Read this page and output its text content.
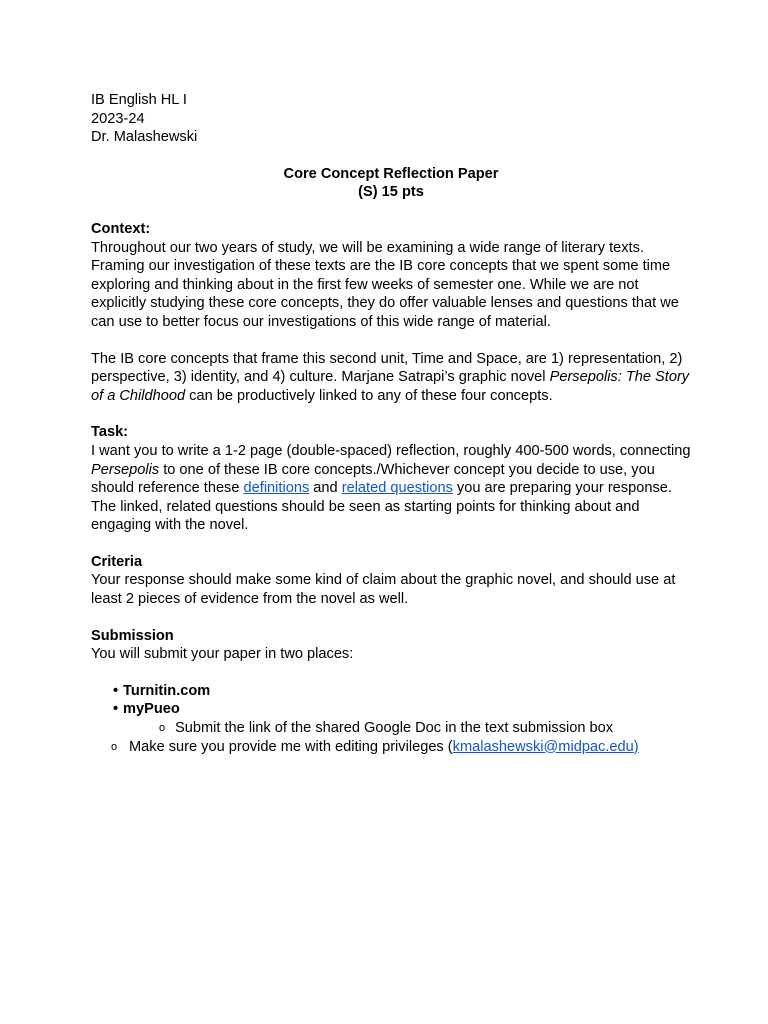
IB English HL I
2023-24
Dr. Malashewski
Core Concept Reflection Paper
(S) 15 pts
Context:

Throughout our two years of study, we will be examining a wide range of literary texts. Framing our investigation of these texts are the IB core concepts that we spent some time exploring and thinking about in the first few weeks of semester one. While we are not explicitly studying these core concepts, they do offer valuable lenses and questions that we can use to better focus our investigations of this wide range of material.

The IB core concepts that frame this second unit, Time and Space, are 1) representation, 2) perspective, 3) identity, and 4) culture. Marjane Satrapi’s graphic novel Persepolis: The Story of a Childhood can be productively linked to any of these four concepts.

Task:

I want you to write a 1-2 page (double-spaced) reflection, roughly 400-500 words, connecting Persepolis to one of these IB core concepts./Whichever concept you decide to use, you should reference these definitions and related questions you are preparing your response. The linked, related questions should be seen as starting points for thinking about and engaging with the novel.

Criteria

Your response should make some kind of claim about the graphic novel, and should use at least 2 pieces of evidence from the novel as well.

Submission

You will submit your paper in two places:

• Turnitin.com
• myPueo
o Submit the link of the shared Google Doc in the text submission box
o Make sure you provide me with editing privileges (kmalashewski@midpac.edu)
